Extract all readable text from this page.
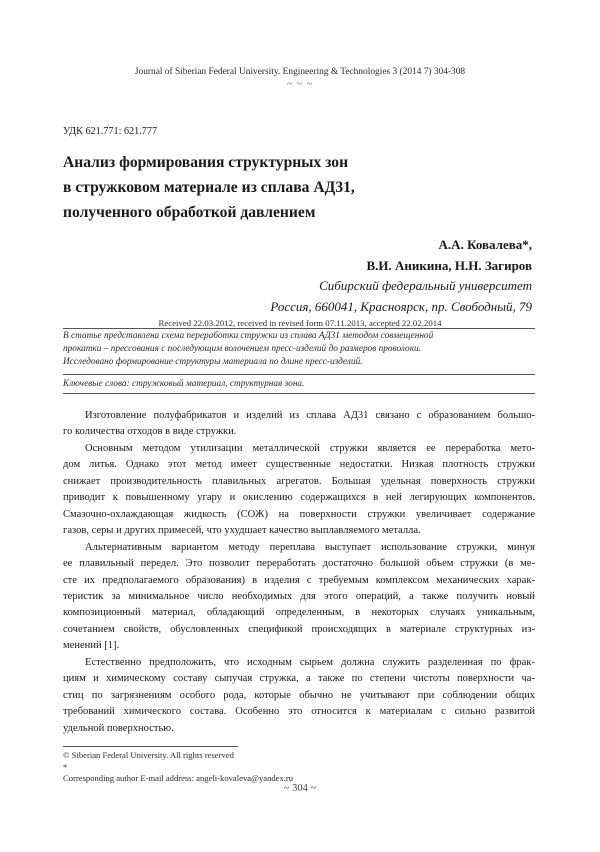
Journal of Siberian Federal University. Engineering & Technologies 3 (2014 7) 304-308
~ ~ ~
УДК 621.771: 621.777
Анализ формирования структурных зон
в стружковом материале из сплава АД31,
полученного обработкой давлением
А.А. Ковалева*,
В.И. Аникина, Н.Н. Загиров
Сибирский федеральный университет
Россия, 660041, Красноярск, пр. Свободный, 79
Received 22.03.2012, received in revised form 07.11.2013, accepted 22.02.2014
В статье представлена схема переработки стружки из сплава АД31 методом совмещенной
прокатки – прессования с последующим волочением пресс-изделий до размеров проволоки.
Исследовано формирование структуры материала по длине пресс-изделий.
Ключевые слова: стружковый материал, структурная зона.
Изготовление полуфабрикатов и изделий из сплава АД31 связано с образованием большо-
го количества отходов в виде стружки.
Основным методом утилизации металлической стружки является ее переработка мето-
дом литья. Однако этот метод имеет существенные недостатки. Низкая плотность стружки
снижает производительность плавильных агрегатов. Большая удельная поверхность стружки
приводит к повышенному угару и окислению содержащихся в ней легирующих компонентов.
Смазочно-охлаждающая жидкость (СОЖ) на поверхности стружки увеличивает содержание
газов, серы и других примесей, что ухудшает качество выплавляемого металла.
Альтернативным вариантом методу переплава выступает использование стружки, минуя
ее плавильный передел. Это позволит переработать достаточно большой объем стружки (в ме-
сте их предполагаемого образования) в изделия с требуемым комплексом механических харак-
теристик за минимальное число необходимых для этого операций, а также получить новый
композиционный материал, обладающий определенным, в некоторых случаях уникальным,
сочетанием свойств, обусловленных спецификой происходящих в материале структурных из-
менений [1].
Естественно предположить, что исходным сырьем должна служить разделенная по фрак-
циям и химическому составу сыпучая стружка, а также по степени чистоты поверхности ча-
стиц по загрязнениям особого рода, которые обычно не учитывают при соблюдении общих
требований химического состава. Особенно это относится к материалам с сильно развитой
удельной поверхностью.
© Siberian Federal University. All rights reserved
*
Corresponding author E-mail address: angeli-kovaleva@yandex.ru
~ 304 ~
